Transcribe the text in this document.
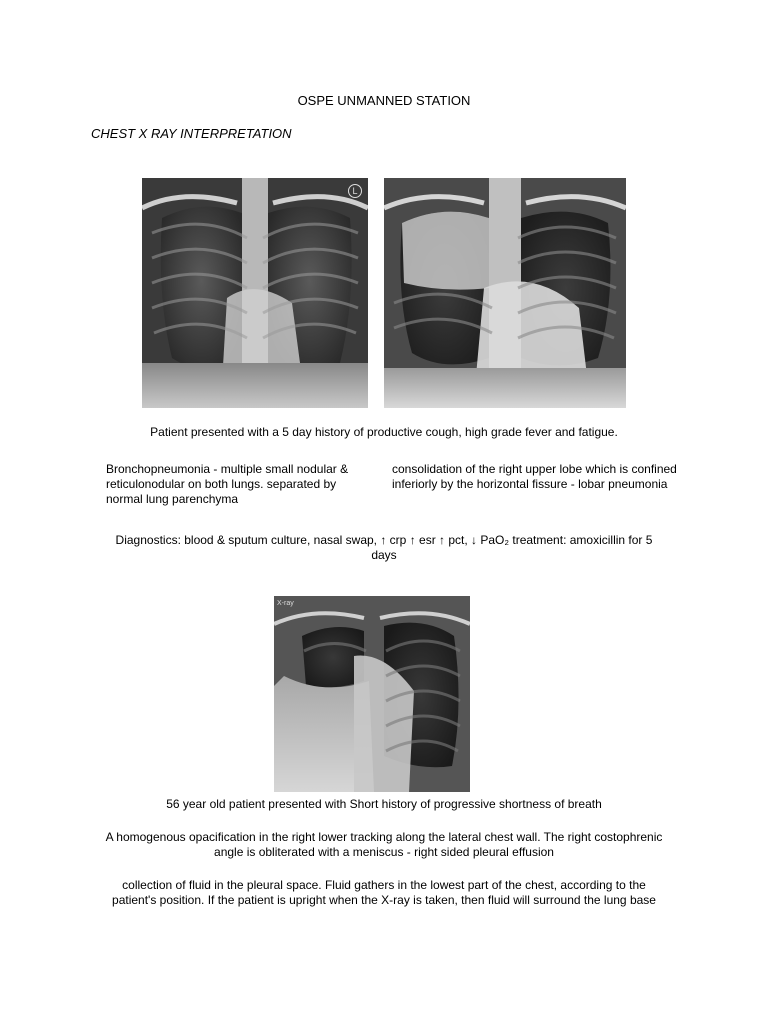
OSPE UNMANNED STATION
CHEST X RAY INTERPRETATION
L
Patient presented with a 5 day history of productive cough, high grade fever and fatigue.
Bronchopneumonia - multiple small nodular & reticulonodular on both lungs. separated by normal lung parenchyma
consolidation of the right upper lobe which is confined inferiorly by the horizontal fissure - lobar pneumonia
Diagnostics: blood & sputum culture, nasal swap, ↑ crp ↑ esr ↑ pct, ↓ PaO₂ treatment: amoxicillin for 5
days
X-ray
56 year old patient presented with Short history of progressive shortness of breath
A homogenous opacification in the right lower tracking along the lateral chest wall. The right costophrenic
angle is obliterated with a meniscus - right sided pleural effusion
collection of fluid in the pleural space. Fluid gathers in the lowest part of the chest, according to the
patient's position. If the patient is upright when the X-ray is taken, then fluid will surround the lung base
